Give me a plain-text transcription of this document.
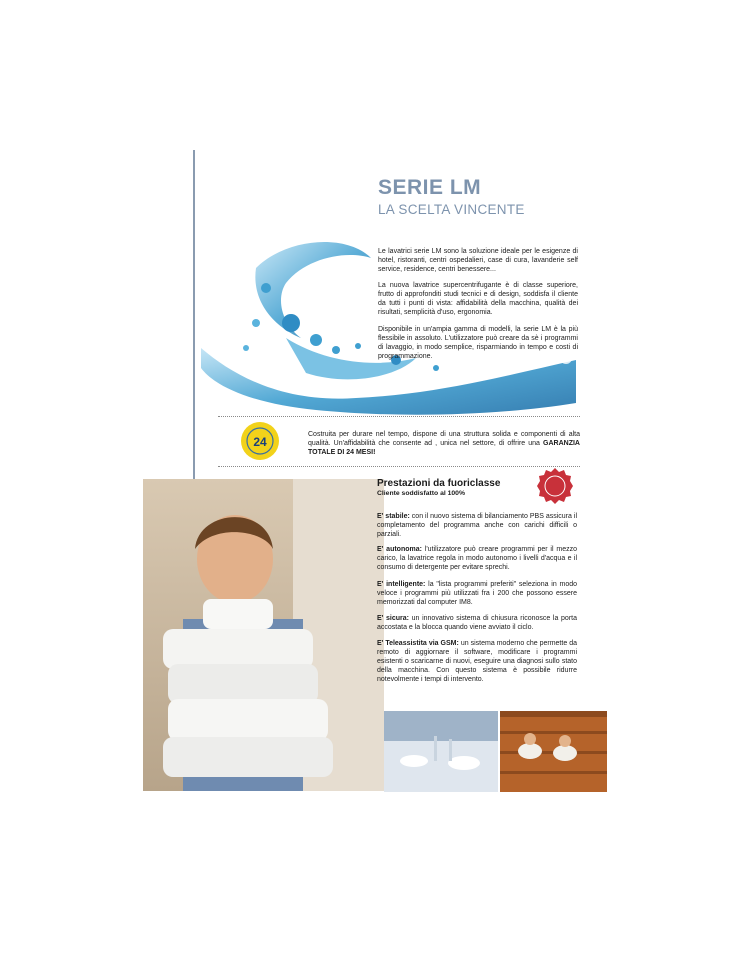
SERIE LM
LA SCELTA VINCENTE

Le lavatrici serie LM sono la soluzione ideale per le esigenze di hotel, ristoranti, centri ospedalieri, case di cura, lavanderie self service, residence, centri benessere...

La nuova lavatrice supercentrifugante è di classe superiore, frutto di approfonditi studi tecnici e di design, soddisfa il cliente da tutti i punti di vista: affidabilità della macchina, qualità dei risultati, semplicità d'uso, ergonomia.

Disponibile in un'ampia gamma di modelli, la serie LM è la più flessibile in assoluto. L'utilizzatore può creare da sè i programmi di lavaggio, in modo semplice, risparmiando in tempo e costi di programmazione.

24

Costruita per durare nel tempo, dispone di una struttura solida e componenti di alta qualità. Un'affidabilità che consente ad , unica nel settore, di offrire una GARANZIA TOTALE DI 24 MESI!

Prestazioni da fuoriclasse
Cliente soddisfatto al 100%

E' stabile: con il nuovo sistema di bilanciamento PBS assicura il completamento del programma anche con carichi difficili o parziali.

E' autonoma: l'utilizzatore può creare programmi per il mezzo carico, la lavatrice regola in modo autonomo i livelli d'acqua e il consumo di detergente per evitare sprechi.

E' intelligente: la "lista programmi preferiti" seleziona in modo veloce i programmi più utilizzati fra i 200 che possono essere memorizzati dal computer IM8.

E' sicura: un innovativo sistema di chiusura riconosce la porta accostata e la blocca quando viene avviato il ciclo.

E' Teleassistita via GSM: un sistema moderno che permette da remoto di aggiornare il software, modificare i programmi esistenti o scaricarne di nuovi, eseguire una diagnosi sullo stato della macchina. Con questo sistema è possibile ridurre notevolmente i tempi di intervento.
